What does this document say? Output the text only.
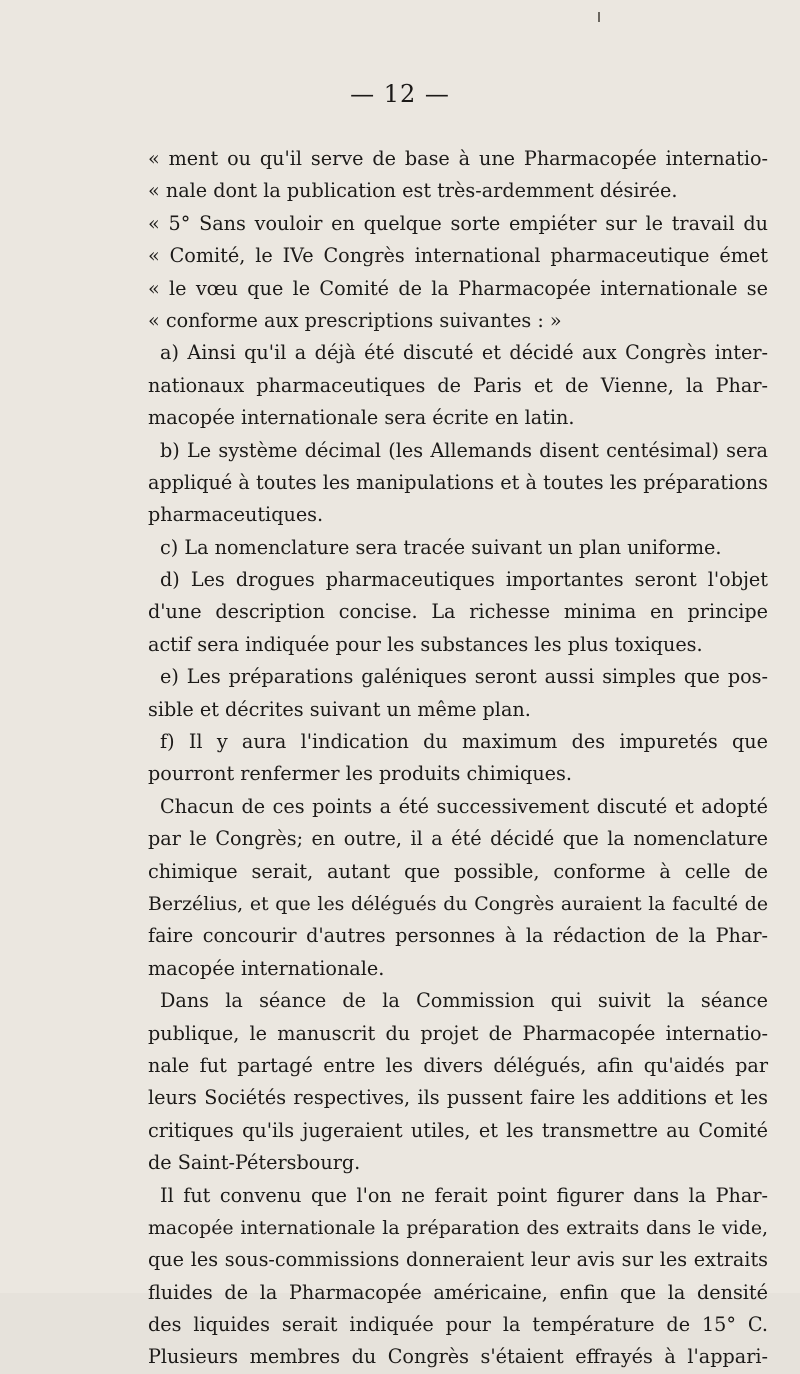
— 12 —
« ment ou qu'il serve de base à une Pharmacopée internatio-
« nale dont la publication est très-ardemment désirée.
« 5° Sans vouloir en quelque sorte empiéter sur le travail du
« Comité, le IVe Congrès international pharmaceutique émet
« le vœu que le Comité de la Pharmacopée internationale se
« conforme aux prescriptions suivantes : »
a) Ainsi qu'il a déjà été discuté et décidé aux Congrès inter-
nationaux pharmaceutiques de Paris et de Vienne, la Phar-
macopée internationale sera écrite en latin.
b) Le système décimal (les Allemands disent centésimal) sera
appliqué à toutes les manipulations et à toutes les préparations
pharmaceutiques.
c) La nomenclature sera tracée suivant un plan uniforme.
d) Les drogues pharmaceutiques importantes seront l'objet
d'une description concise. La richesse minima en principe
actif sera indiquée pour les substances les plus toxiques.
e) Les préparations galéniques seront aussi simples que pos-
sible et décrites suivant un même plan.
f) Il y aura l'indication du maximum des impuretés que
pourront renfermer les produits chimiques.
Chacun de ces points a été successivement discuté et adopté
par le Congrès; en outre, il a été décidé que la nomenclature
chimique serait, autant que possible, conforme à celle de
Berzélius, et que les délégués du Congrès auraient la faculté de
faire concourir d'autres personnes à la rédaction de la Phar-
macopée internationale.
Dans la séance de la Commission qui suivit la séance
publique, le manuscrit du projet de Pharmacopée internatio-
nale fut partagé entre les divers délégués, afin qu'aidés par
leurs Sociétés respectives, ils pussent faire les additions et les
critiques qu'ils jugeraient utiles, et les transmettre au Comité
de Saint-Pétersbourg.
Il fut convenu que l'on ne ferait point figurer dans la Phar-
macopée internationale la préparation des extraits dans le vide,
que les sous-commissions donneraient leur avis sur les extraits
fluides de la Pharmacopée américaine, enfin que la densité
des liquides serait indiquée pour la température de 15° C.
Plusieurs membres du Congrès s'étaient effrayés à l'appari-
